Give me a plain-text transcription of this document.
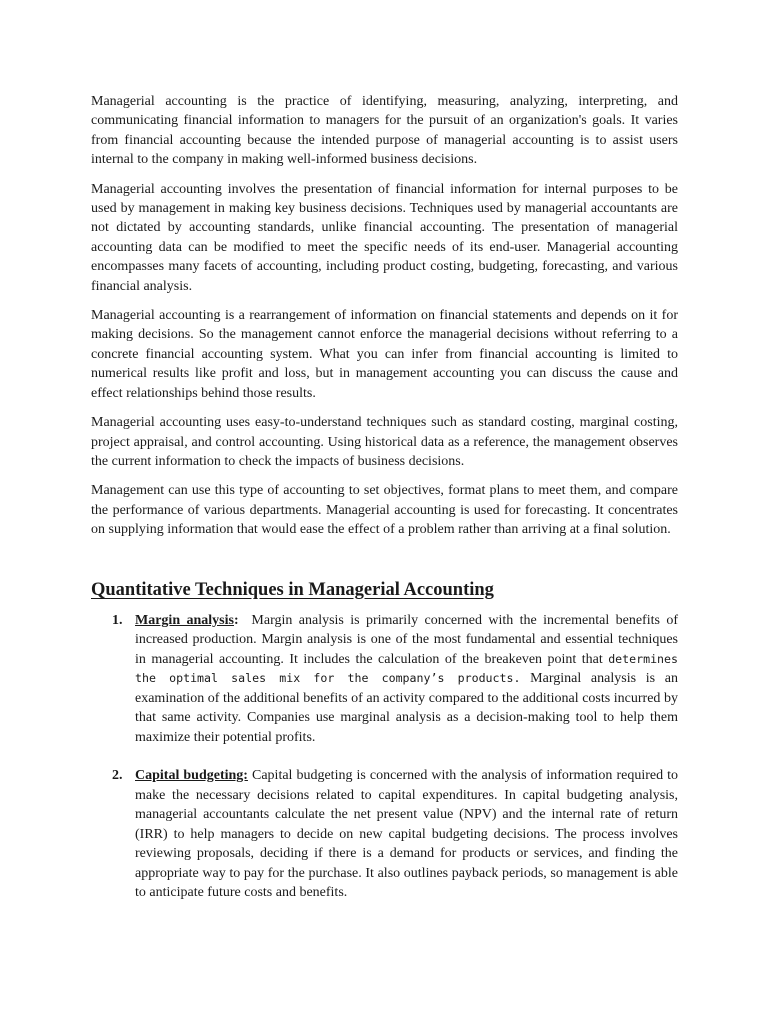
Managerial accounting is the practice of identifying, measuring, analyzing, interpreting, and communicating financial information to managers for the pursuit of an organization's goals. It varies from financial accounting because the intended purpose of managerial accounting is to assist users internal to the company in making well-informed business decisions.

Managerial accounting involves the presentation of financial information for internal purposes to be used by management in making key business decisions. Techniques used by managerial accountants are not dictated by accounting standards, unlike financial accounting. The presentation of managerial accounting data can be modified to meet the specific needs of its end-user. Managerial accounting encompasses many facets of accounting, including product costing, budgeting, forecasting, and various financial analysis.

Managerial accounting is a rearrangement of information on financial statements and depends on it for making decisions. So the management cannot enforce the managerial decisions without referring to a concrete financial accounting system. What you can infer from financial accounting is limited to numerical results like profit and loss, but in management accounting you can discuss the cause and effect relationships behind those results.

Managerial accounting uses easy-to-understand techniques such as standard costing, marginal costing, project appraisal, and control accounting. Using historical data as a reference, the management observes the current information to check the impacts of business decisions.

Management can use this type of accounting to set objectives, format plans to meet them, and compare the performance of various departments. Managerial accounting is used for forecasting. It concentrates on supplying information that would ease the effect of a problem rather than arriving at a final solution.

Quantitative Techniques in Managerial Accounting
1. Margin analysis: Margin analysis is primarily concerned with the incremental benefits of increased production. Margin analysis is one of the most fundamental and essential techniques in managerial accounting. It includes the calculation of the breakeven point that determines the optimal sales mix for the company’s products. Marginal analysis is an examination of the additional benefits of an activity compared to the additional costs incurred by that same activity. Companies use marginal analysis as a decision-making tool to help them maximize their potential profits.
2. Capital budgeting: Capital budgeting is concerned with the analysis of information required to make the necessary decisions related to capital expenditures. In capital budgeting analysis, managerial accountants calculate the net present value (NPV) and the internal rate of return (IRR) to help managers to decide on new capital budgeting decisions. The process involves reviewing proposals, deciding if there is a demand for products or services, and finding the appropriate way to pay for the purchase. It also outlines payback periods, so management is able to anticipate future costs and benefits.
